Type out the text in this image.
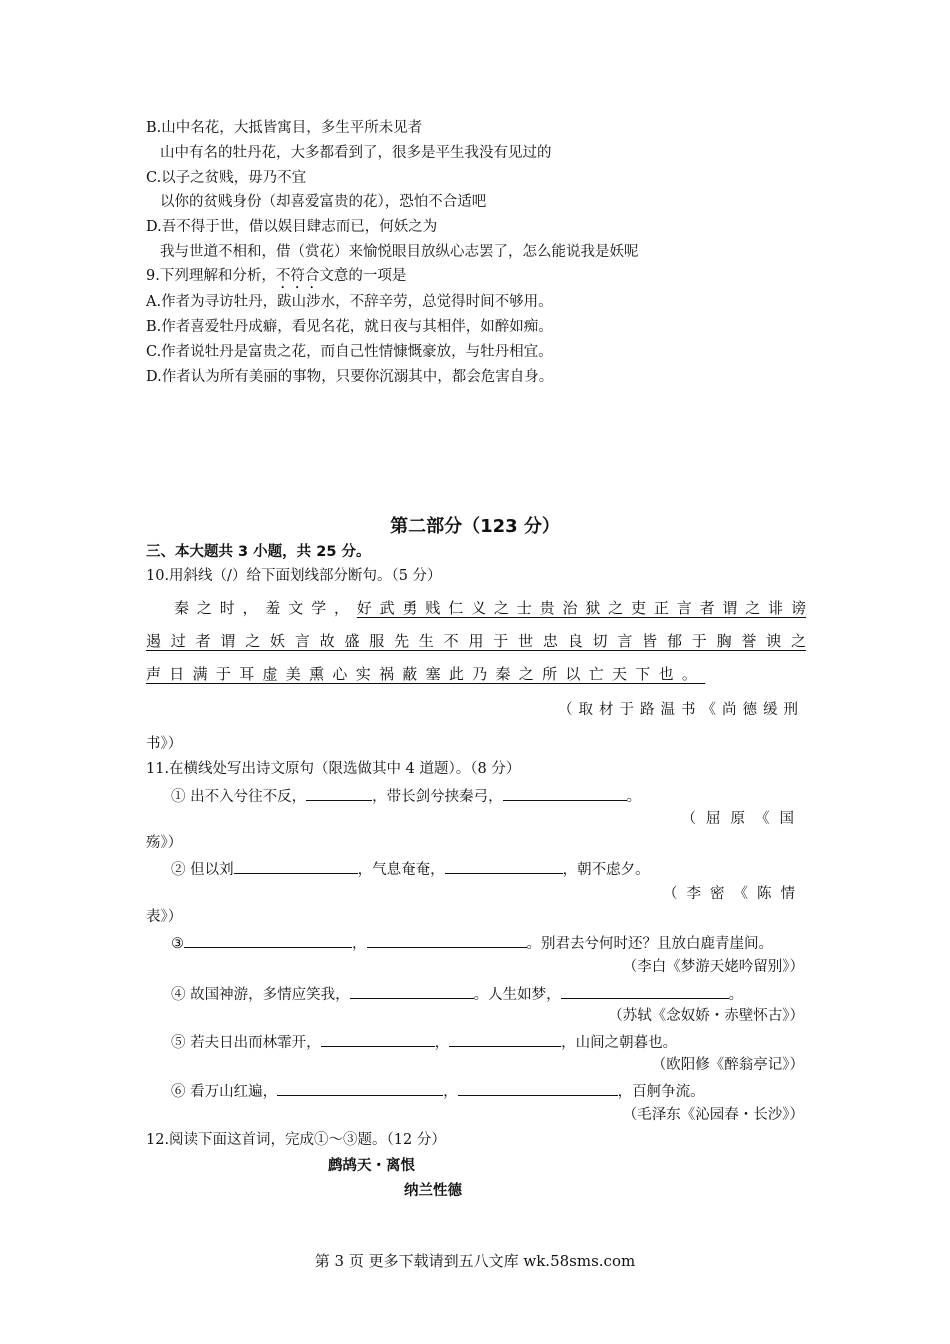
B.山中名花，大抵皆寓目，多生平所未见者
山中有名的牡丹花，大多都看到了，很多是平生我没有见过的
C.以子之贫贱，毋乃不宜
以你的贫贱身份（却喜爱富贵的花），恐怕不合适吧
D.吾不得于世，借以娱目肆志而已，何妖之为
我与世道不相和，借（赏花）来愉悦眼目放纵心志罢了，怎么能说我是妖呢
9.下列理解和分析，不符合文意的一项是
A.作者为寻访牡丹，跋山涉水，不辞辛劳，总觉得时间不够用。
B.作者喜爱牡丹成癖，看见名花，就日夜与其相伴，如醉如痴。
C.作者说牡丹是富贵之花，而自己性情慷慨豪放，与牡丹相宜。
D.作者认为所有美丽的事物，只要你沉溺其中，都会危害自身。
第二部分（123 分）
三、本大题共 3 小题，共 25 分。
10.用斜线（/）给下面划线部分断句。（5 分）
秦之时，羞文学，好武勇贱仁义之士贵治狱之吏正言者谓之诽谤
遏过者谓之妖言故盛服先生不用于世忠良切言皆郁于胸誉谀之
声日满于耳虚美熏心实祸蔽塞此乃秦之所以亡天下也。
（取材于路温书《尚德缓刑
书》）
11.在横线处写出诗文原句（限选做其中 4 道题）。（8 分）
① 出不入兮往不反，	，带长剑兮挟秦弓，	。
（屈原《国
殇》）
② 但以刘	，气息奄奄，	，朝不虑夕。
（李密《陈情
表》）
③	，	。别君去兮何时还？且放白鹿青崖间。
（李白《梦游天姥吟留别》）
④ 故国神游，多情应笑我，	。人生如梦，	。
（苏轼《念奴娇・赤壁怀古》）
⑤ 若夫日出而林霏开，	，	，山间之朝暮也。
（欧阳修《醉翁亭记》）
⑥ 看万山红遍，	，	，百舸争流。
（毛泽东《沁园春・长沙》）
12.阅读下面这首词，完成①～③题。（12 分）
鹧鸪天・离恨
纳兰性德
第 3 页 更多下载请到五八文库 wk.58sms.com
